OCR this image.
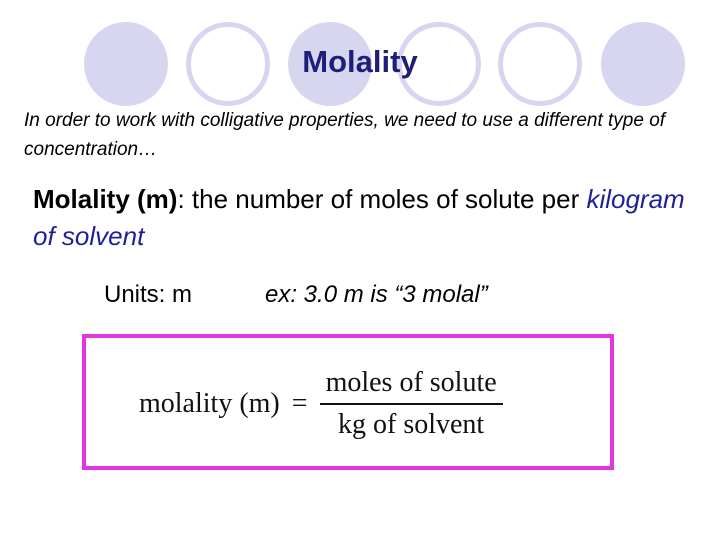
Molality
In order to work with colligative properties, we need to use a different type of concentration…
Molality (m): the number of moles of solute per kilogram of solvent
Units: m	ex: 3.0 m is “3 molal”
molality $(m) = \frac{\text{moles of solute}}{\text{kg of solvent}}$
